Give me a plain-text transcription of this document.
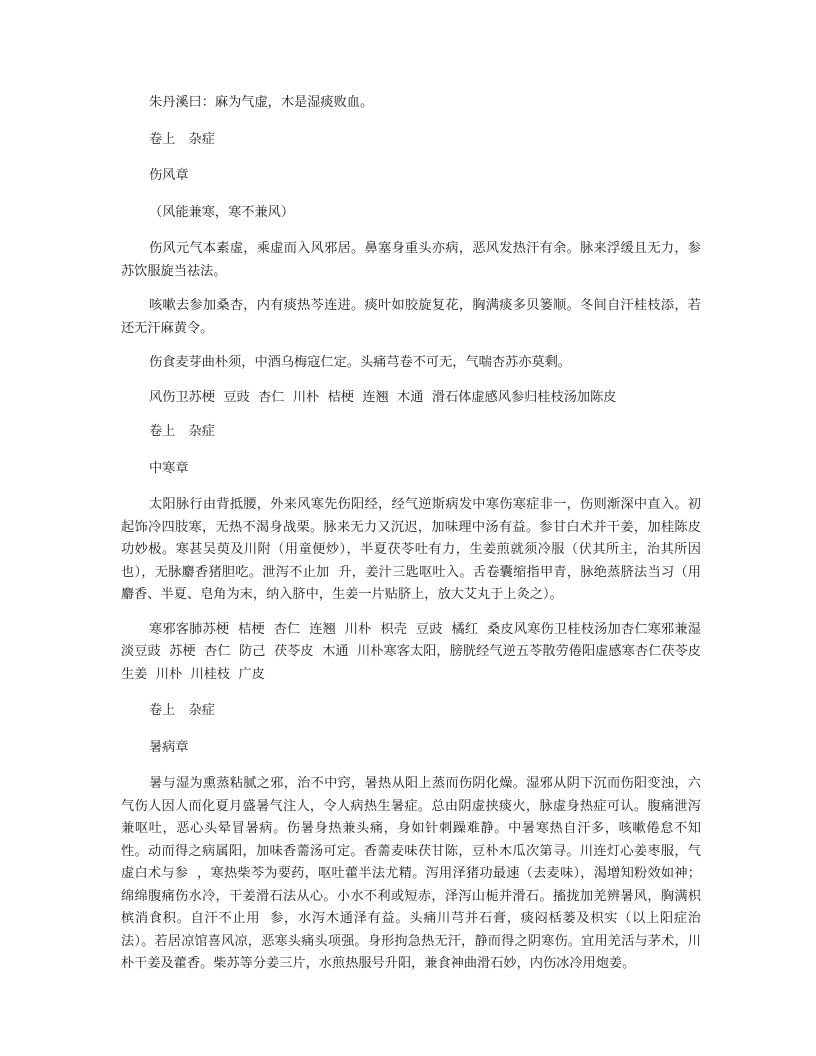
朱丹溪曰：麻为气虚，木是湿痰败血。

卷上　杂症

伤风章

（风能兼寒，寒不兼风）

伤风元气本素虚，乘虚而入风邪居。鼻塞身重头亦病，恶风发热汗有余。脉来浮缓且无力，参苏饮服旋当祛法。

咳嗽去参加桑杏，内有痰热芩连进。痰叶如胶旋复花，胸满痰多贝篓顺。冬间自汗桂枝添，若还无汗麻黄令。

伤食麦芽曲朴须，中酒乌梅寇仁定。头痛芎卷不可无，气喘杏苏亦莫剩。

风伤卫苏梗  豆豉  杏仁  川朴  桔梗  连翘  木通  滑石体虚感风参归桂枝汤加陈皮

卷上　杂症

中寒章

太阳脉行由背抵腰，外来风寒先伤阳经，经气逆斯病发中寒伤寒症非一，伤则渐深中直入。初起饰冷四肢寒，无热不渴身战栗。脉来无力又沉迟，加味理中汤有益。参甘白术并干姜，加桂陈皮功妙极。寒甚吴萸及川附（用童便炒），半夏茯苓吐有力，生姜煎就须冷服（伏其所主，治其所因也），无脉麝香猪胆吃。泄泻不止加  升，姜汁三匙呕吐入。舌卷囊缩指甲青，脉绝蒸脐法当习（用麝香、半夏、皂角为末，纳入脐中，生姜一片贴脐上，放大艾丸于上灸之）。

寒邪客肺苏梗  桔梗  杏仁  连翘  川朴  枳壳  豆豉  橘红  桑皮风寒伤卫桂枝汤加杏仁寒邪兼湿淡豆豉  苏梗  杏仁  防己  茯苓皮  木通  川朴寒客太阳，膀胱经气逆五苓散劳倦阳虚感寒杏仁茯苓皮  生姜  川朴  川桂枝  广皮

卷上　杂症

暑病章

暑与湿为熏蒸粘腻之邪，治不中窍，暑热从阳上蒸而伤阴化燥。湿邪从阴下沉而伤阳变浊，六气伤人因人而化夏月盛暑气注人，令人病热生暑症。总由阴虚挟痰火，脉虚身热症可认。腹痛泄泻兼呕吐，恶心头晕冒暑病。伤暑身热兼头痛，身如针刺躁难静。中暑寒热自汗多，咳嗽倦怠不知性。动而得之病属阳，加味香薷汤可定。香薷麦味茯甘陈，豆朴木瓜次第寻。川连灯心姜枣服，气虚白术与参  ，寒热柴芩为要药，呕吐藿半法尤精。泻用泽猪功最速（去麦味），渴增知粉效如神；绵绵腹痛伤水冷，干姜滑石法从心。小水不利或短赤，泽泻山栀并滑石。搐拢加羌辨暑风，胸满枳槟消食积。自汗不止用  参，水泻木通泽有益。头痛川芎并石膏，痰闷栝蒌及枳实（以上阳症治法）。若居凉馆喜风凉，恶寒头痛头项强。身形拘急热无汗，静而得之阴寒伤。宜用羌活与茅术，川朴干姜及藿香。柴苏等分姜三片，水煎热服号升阳，兼食神曲滑石妙，内伤冰冷用炮姜。
